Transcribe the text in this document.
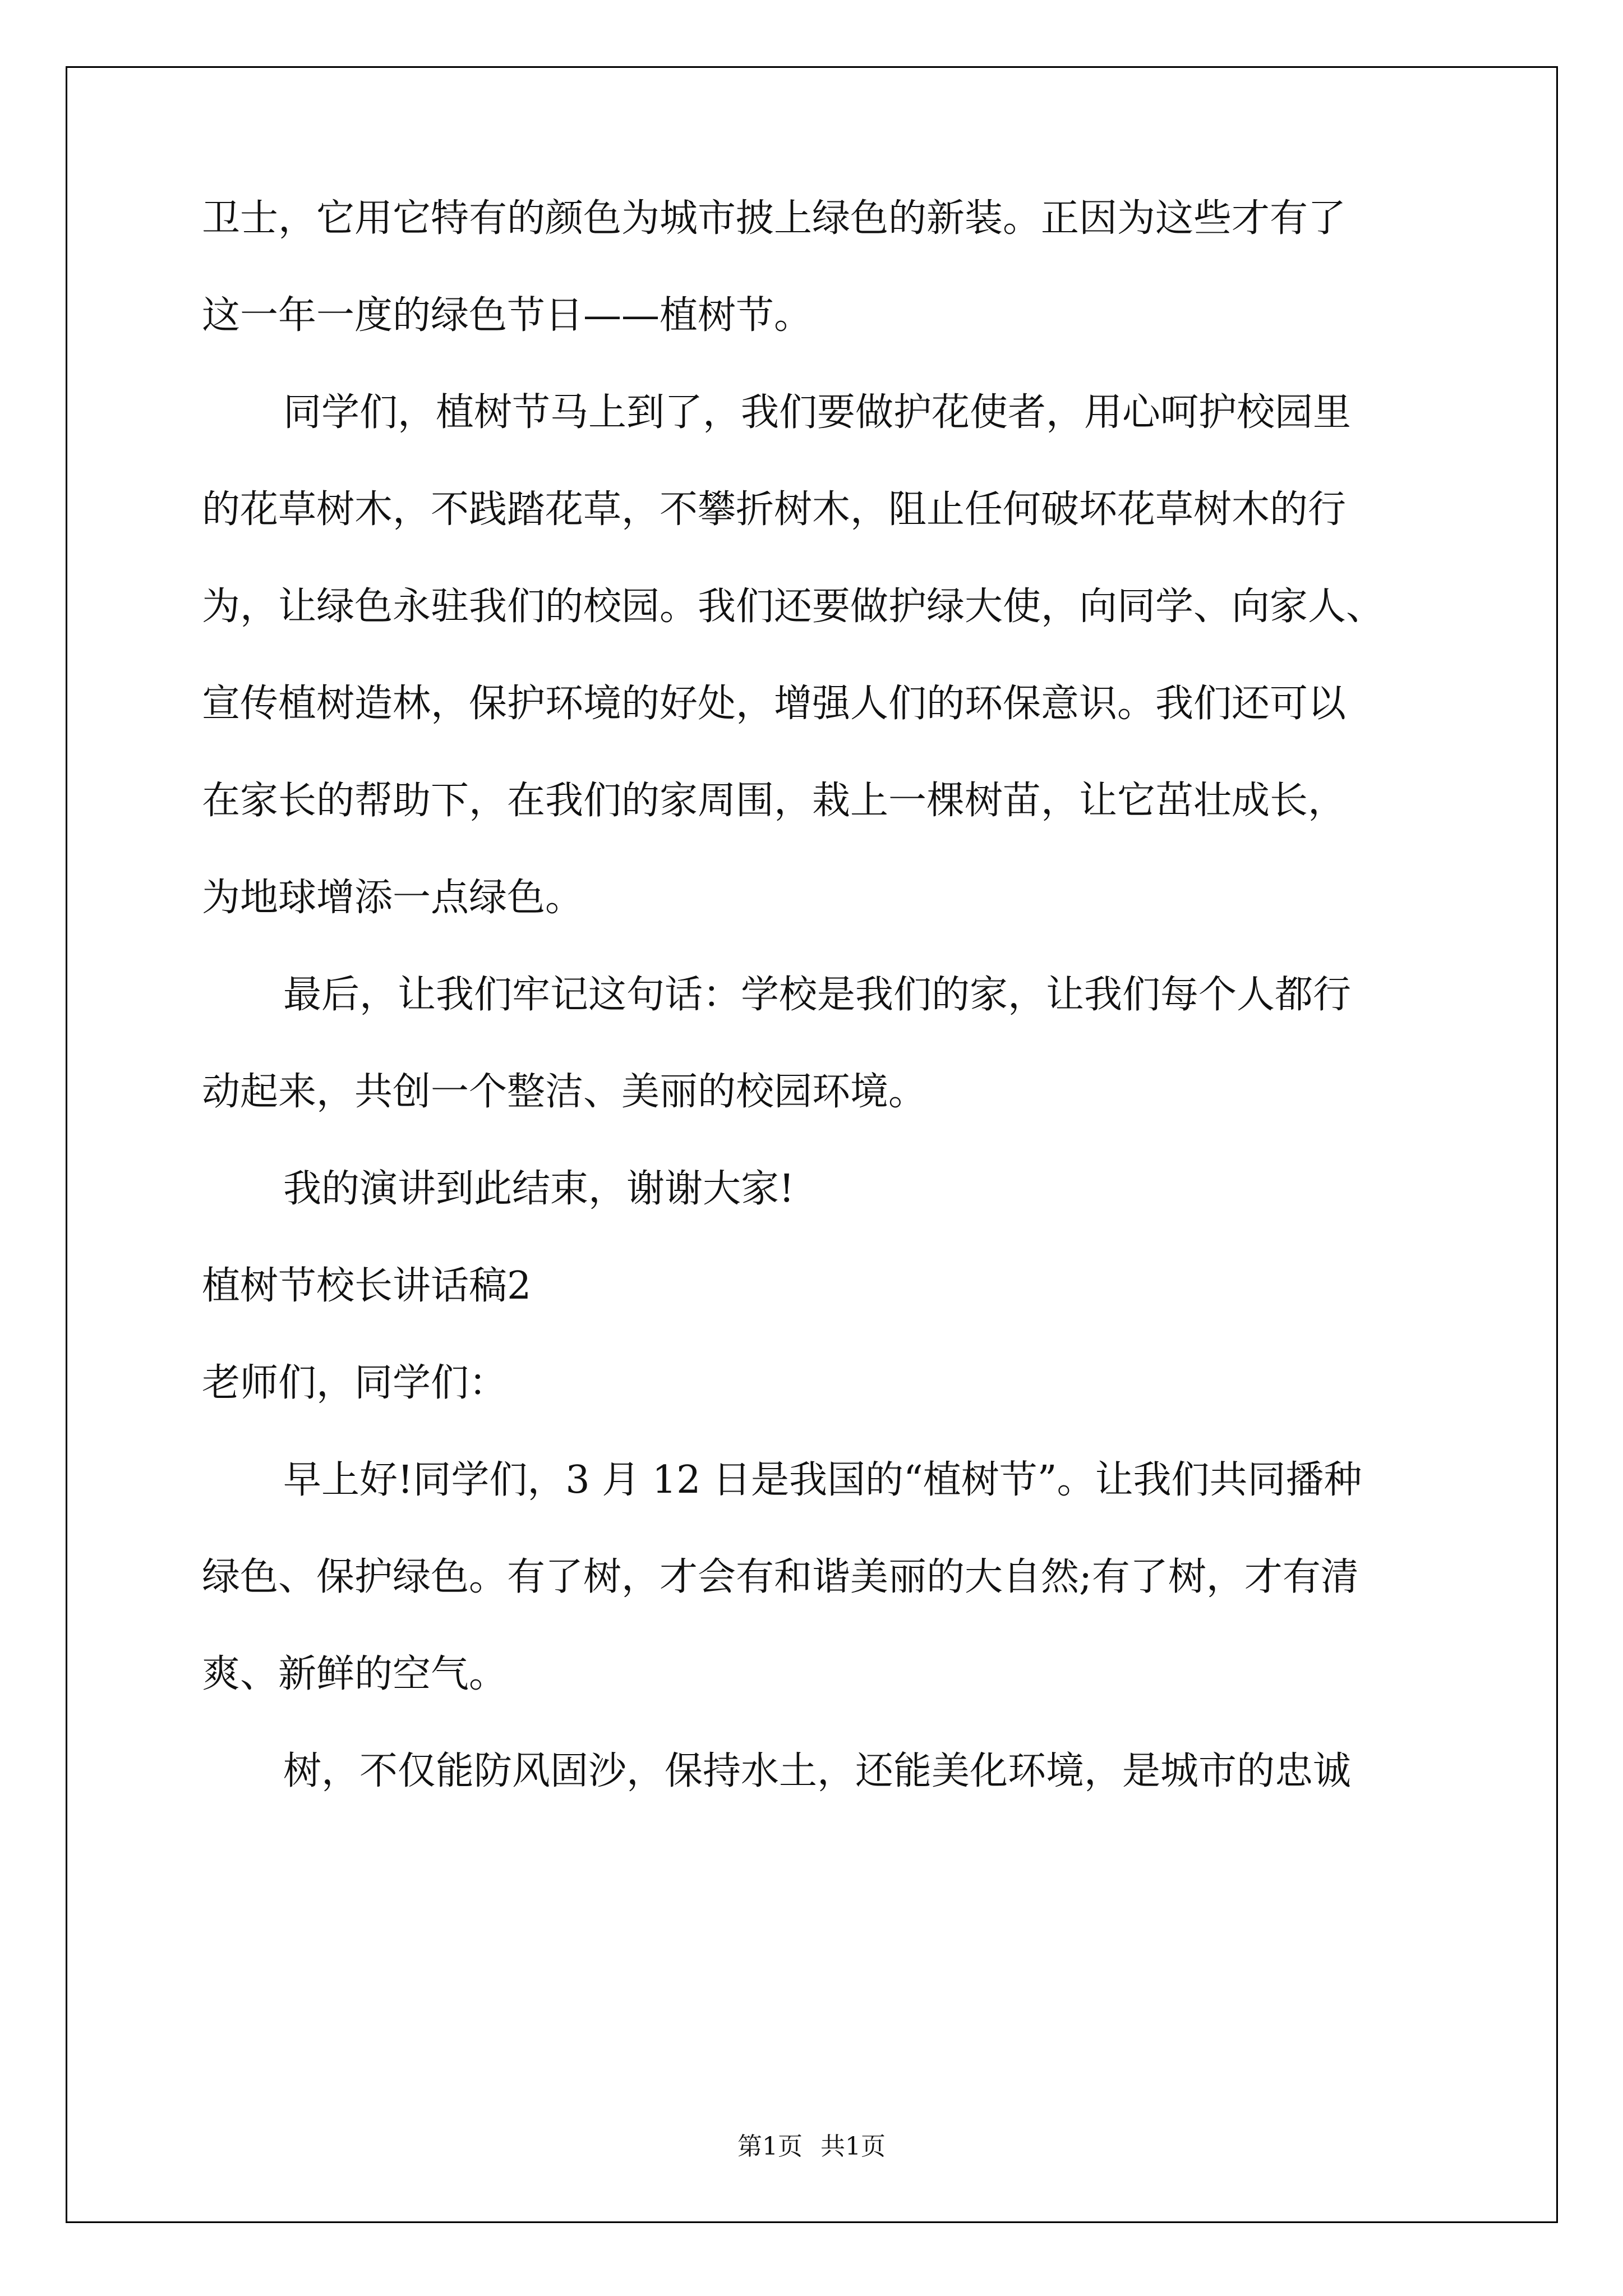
卫士，它用它特有的颜色为城市披上绿色的新装。正因为这些才有了
这一年一度的绿色节日——植树节。
同学们，植树节马上到了，我们要做护花使者，用心呵护校园里
的花草树木，不践踏花草，不攀折树木，阻止任何破坏花草树木的行
为，让绿色永驻我们的校园。我们还要做护绿大使，向同学、向家人、
宣传植树造林，保护环境的好处，增强人们的环保意识。我们还可以
在家长的帮助下，在我们的家周围，栽上一棵树苗，让它茁壮成长，
为地球增添一点绿色。
最后，让我们牢记这句话：学校是我们的家，让我们每个人都行
动起来，共创一个整洁、美丽的校园环境。
我的演讲到此结束，谢谢大家!
植树节校长讲话稿2
老师们，同学们：
早上好!同学们，3 月 12 日是我国的“植树节”。让我们共同播种
绿色、保护绿色。有了树，才会有和谐美丽的大自然;有了树，才有清
爽、新鲜的空气。
树，不仅能防风固沙，保持水土，还能美化环境，是城市的忠诚
第1页 共1页
